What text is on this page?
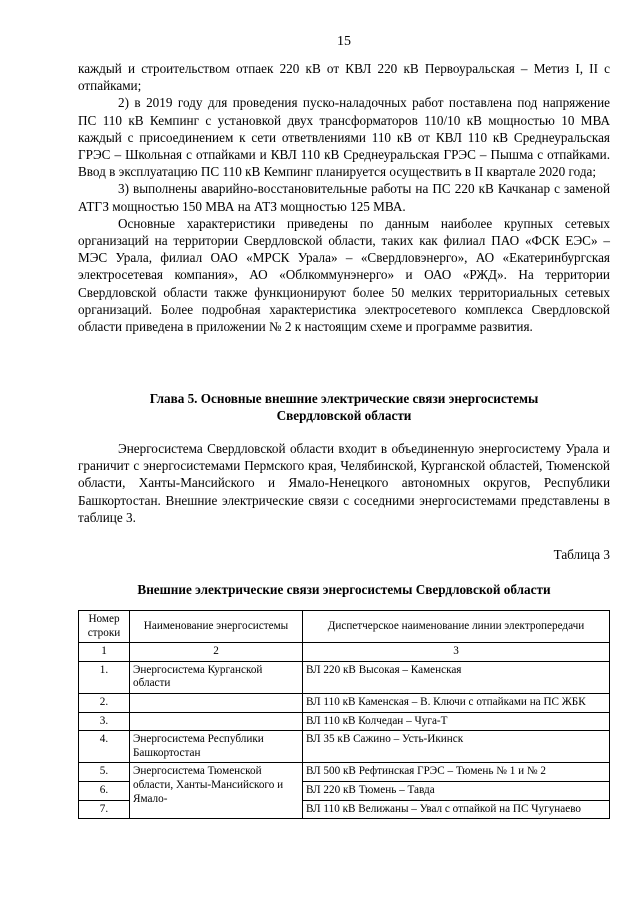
15

каждый и строительством отпаек 220 кВ от КВЛ 220 кВ Первоуральская – Метиз I, II с отпайками;

2) в 2019 году для проведения пуско-наладочных работ поставлена под напряжение ПС 110 кВ Кемпинг с установкой двух трансформаторов 110/10 кВ мощностью 10 МВА каждый с присоединением к сети ответвлениями 110 кВ от КВЛ 110 кВ Среднеуральская ГРЭС – Школьная с отпайками и КВЛ 110 кВ Среднеуральская ГРЭС – Пышма с отпайками. Ввод в эксплуатацию ПС 110 кВ Кемпинг планируется осуществить в II квартале 2020 года;

3) выполнены аварийно-восстановительные работы на ПС 220 кВ Качканар с заменой АТГЗ мощностью 150 МВА на АТЗ мощностью 125 МВА.

Основные характеристики приведены по данным наиболее крупных сетевых организаций на территории Свердловской области, таких как филиал ПАО «ФСК ЕЭС» – МЭС Урала, филиал ОАО «МРСК Урала» – «Свердловэнерго», АО «Екатеринбургская электросетевая компания», АО «Облкоммунэнерго» и ОАО «РЖД». На территории Свердловской области также функционируют более 50 мелких территориальных сетевых организаций. Более подробная характеристика электросетевого комплекса Свердловской области приведена в приложении № 2 к настоящим схеме и программе развития.

Глава 5. Основные внешние электрические связи энергосистемы
Свердловской области

Энергосистема Свердловской области входит в объединенную энергосистему Урала и граничит с энергосистемами Пермского края, Челябинской, Курганской областей, Тюменской области, Ханты-Мансийского и Ямало-Ненецкого автономных округов, Республики Башкортостан. Внешние электрические связи с соседними энергосистемами представлены в таблице 3.

Таблица 3
Внешние электрические связи энергосистемы Свердловской области
Номер строки	Наименование энергосистемы	Диспетчерское наименование линии электропередачи
1	2	3
1.	Энергосистема Курганской области	ВЛ 220 кВ Высокая – Каменская
2.		ВЛ 110 кВ Каменская – В. Ключи с отпайками на ПС ЖБК
3.		ВЛ 110 кВ Колчедан – Чуга-Т
4.	Энергосистема Республики Башкортостан	ВЛ 35 кВ Сажино – Усть-Икинск
5.	Энергосистема Тюменской области, Ханты-Мансийского и Ямало-	ВЛ 500 кВ Рефтинская ГРЭС – Тюмень № 1 и № 2
6.		ВЛ 220 кВ Тюмень – Тавда
7.		ВЛ 110 кВ Велижаны – Увал с отпайкой на ПС Чугунаево
